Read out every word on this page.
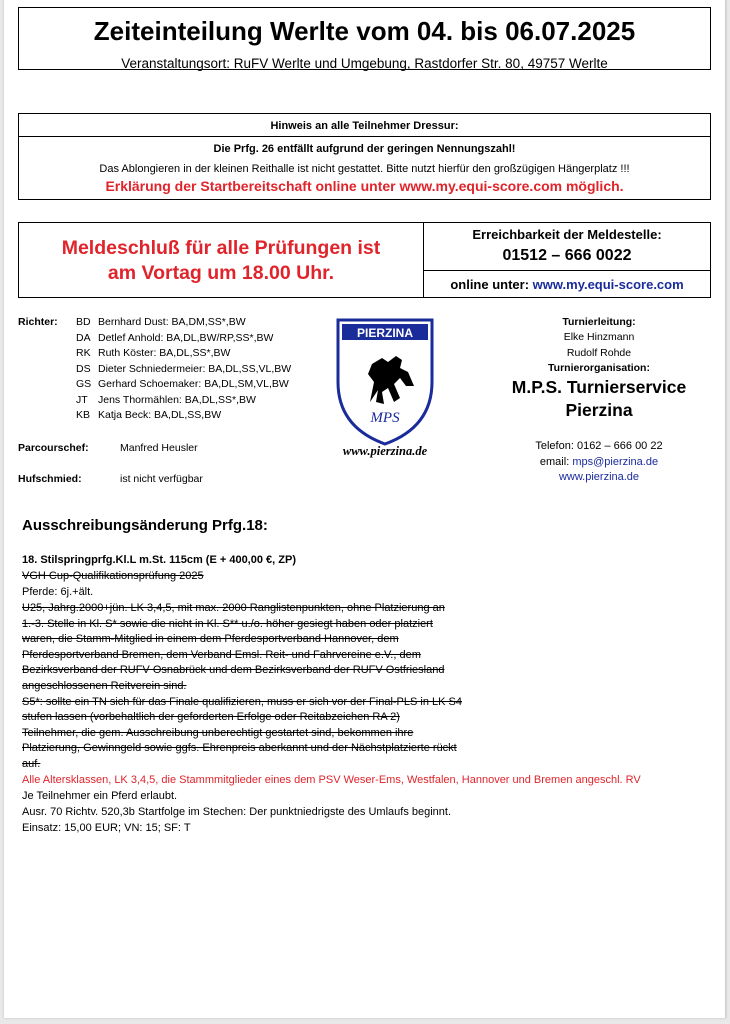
Zeiteinteilung Werlte vom 04. bis 06.07.2025
Veranstaltungsort: RuFV Werlte und Umgebung, Rastdorfer Str. 80, 49757 Werlte
Hinweis an alle Teilnehmer Dressur:
Die Prfg. 26 entfällt aufgrund der geringen Nennungszahl!
Das Ablongieren in der kleinen Reithalle ist nicht gestattet. Bitte nutzt hierfür den großzügigen Hängerplatz !!!
Erklärung der Startbereitschaft online unter www.my.equi-score.com möglich.
Meldeschluß für alle Prüfungen ist
am Vortag um 18.00 Uhr.
Erreichbarkeit der Meldestelle:
01512 – 666 0022
online unter: www.my.equi-score.com
Richter: BD Bernhard Dust: BA,DM,SS*,BW
DA Detlef Anhold: BA,DL,BW/RP,SS*,BW
RK Ruth Köster: BA,DL,SS*,BW
DS Dieter Schniedermeier: BA,DL,SS,VL,BW
GS Gerhard Schoemaker: BA,DL,SM,VL,BW
JT Jens Thormählen: BA,DL,SS*,BW
KB Katja Beck: BA,DL,SS,BW
Parcourschef:	Manfred Heusler
Hufschmied:	ist nicht verfügbar
PIERZINA
MPS
www.pierzina.de
Turnierleitung:
Elke Hinzmann
Rudolf Rohde
Turnierorganisation:
M.P.S. Turnierservice
Pierzina
Telefon: 0162 – 666 00 22
email: mps@pierzina.de
www.pierzina.de
Ausschreibungsänderung Prfg.18:
18. Stilspringprfg.Kl.L m.St. 115cm (E + 400,00 €, ZP)
VGH Cup-Qualifikationsprüfung 2025
Pferde: 6j.+ält.
U25, Jahrg.2000+jün. LK 3,4,5, mit max. 2000 Ranglistenpunkten, ohne Platzierung an
1.-3. Stelle in Kl. S* sowie die nicht in Kl. S** u./o. höher gesiegt haben oder platziert
waren, die Stamm-Mitglied in einem dem Pferdesportverband Hannover, dem
Pferdesportverband Bremen, dem Verband Emsl. Reit- und Fahrvereine e.V., dem
Bezirksverband der RUFV Osnabrück und dem Bezirksverband der RUFV Ostfriesland
angeschlossenen Reitverein sind.
S5*: sollte ein TN sich für das Finale qualifizieren, muss er sich vor der Final-PLS in LK S4
stufen lassen (vorbehaltlich der geforderten Erfolge oder Reitabzeichen RA 2)
Teilnehmer, die gem. Ausschreibung unberechtigt gestartet sind, bekommen ihre
Platzierung, Gewinngeld sowie ggfs. Ehrenpreis aberkannt und der Nächstplatzierte rückt
auf.
Alle Altersklassen, LK 3,4,5, die Stammmitglieder eines dem PSV Weser-Ems, Westfalen, Hannover und Bremen angeschl. RV
Je Teilnehmer ein Pferd erlaubt.
Ausr. 70 Richtv. 520,3b Startfolge im Stechen: Der punktniedrigste des Umlaufs beginnt.
Einsatz: 15,00 EUR; VN: 15; SF: T
